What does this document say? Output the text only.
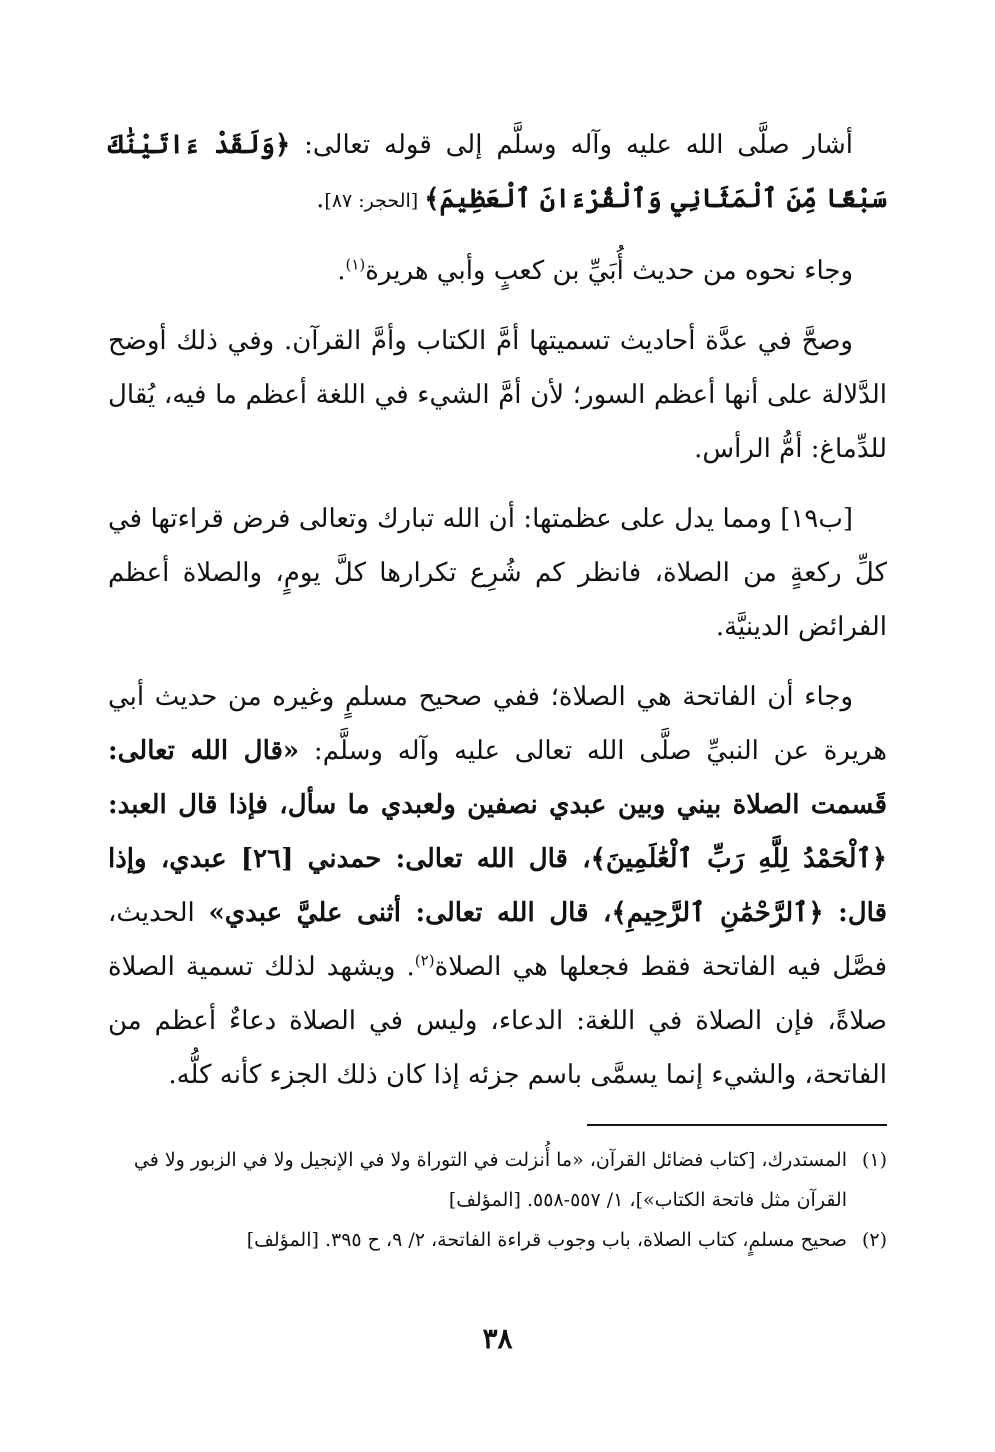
أشار صلَّى الله عليه وآله وسلَّم إلى قوله تعالى: ﴿وَلَقَدْ ءَاتَيْنَٰكَ سَبْعًا مِّنَ ٱلْمَثَانِي وَٱلْقُرْءَانَ ٱلْعَظِيمَ﴾ [الحجر: ٨٧].

وجاء نحوه من حديث أُبَيِّ بن كعبٍ وأبي هريرة$^{(١)}$.

وصحَّ في عدَّة أحاديث تسميتها أمَّ الكتاب وأمَّ القرآن. وفي ذلك أوضح الدَّلالة على أنها أعظم السور؛ لأن أمَّ الشيء في اللغة أعظم ما فيه، يُقال للدِّماغ: أمُّ الرأس.

[ب١٩] ومما يدل على عظمتها: أن الله تبارك وتعالى فرض قراءتها في كلِّ ركعةٍ من الصلاة، فانظر كم شُرِع تكرارها كلَّ يومٍ، والصلاة أعظم الفرائض الدينيَّة.

وجاء أن الفاتحة هي الصلاة؛ ففي صحيح مسلمٍ وغيره من حديث أبي هريرة عن النبيِّ صلَّى الله تعالى عليه وآله وسلَّم: «قال الله تعالى: قَسمت الصلاة بيني وبين عبدي نصفين ولعبدي ما سأل، فإذا قال العبد: ﴿ٱلْحَمْدُ لِلَّهِ رَبِّ ٱلْعَٰلَمِينَ﴾، قال الله تعالى: حمدني [٢٦] عبدي، وإذا قال: ﴿ٱلرَّحْمَٰنِ ٱلرَّحِيمِ﴾، قال الله تعالى: أثنى عليَّ عبدي» الحديث، فصَّل فيه الفاتحة فقط فجعلها هي الصلاة$^{(٢)}$. ويشهد لذلك تسمية الصلاة صلاةً، فإن الصلاة في اللغة: الدعاء، وليس في الصلاة دعاءٌ أعظم من الفاتحة، والشيء إنما يسمَّى باسم جزئه إذا كان ذلك الجزء كأنه كلُّه.

(١)المستدرك، [كتاب فضائل القرآن، «ما أُنزلت في التوراة ولا في الإنجيل ولا في الزبور ولا في القرآن مثل فاتحة الكتاب»]، ١/ ٥٥٧-٥٥٨. [المؤلف]

(٢)صحيح مسلمٍ، كتاب الصلاة، باب وجوب قراءة الفاتحة، ٢/ ٩، ح ٣٩٥. [المؤلف]

٣٨
